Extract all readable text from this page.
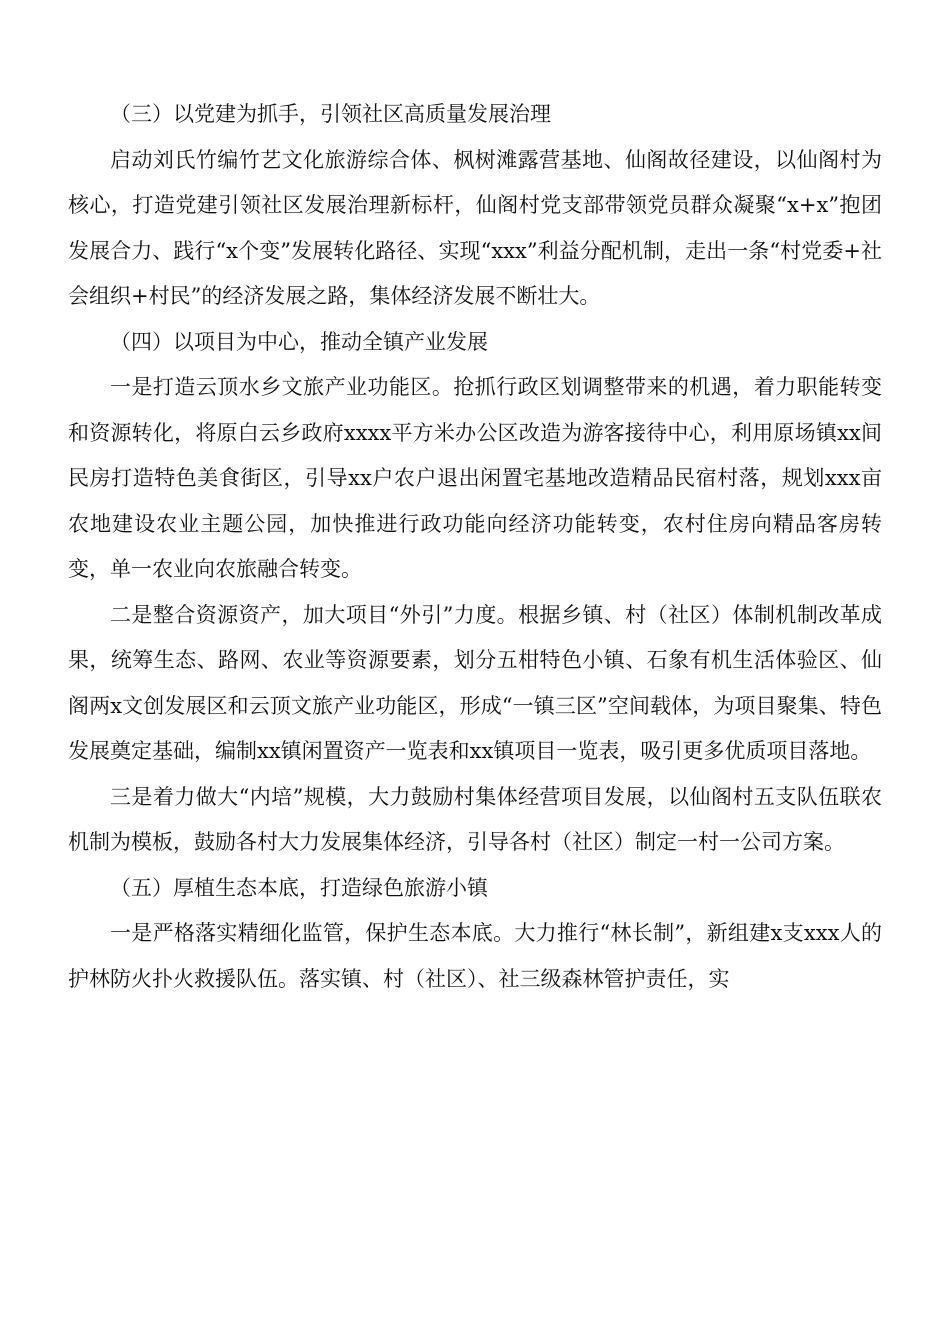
（三）以党建为抓手，引领社区高质量发展治理

启动刘氏竹编竹艺文化旅游综合体、枫树滩露营基地、仙阁故径建设，以仙阁村为核心，打造党建引领社区发展治理新标杆，仙阁村党支部带领党员群众凝聚“x+x”抱团发展合力、践行“x个变”发展转化路径、实现“xxx”利益分配机制，走出一条“村党委+社会组织+村民”的经济发展之路，集体经济发展不断壮大。

（四）以项目为中心，推动全镇产业发展

一是打造云顶水乡文旅产业功能区。抢抓行政区划调整带来的机遇，着力职能转变和资源转化，将原白云乡政府xxxx平方米办公区改造为游客接待中心，利用原场镇xx间民房打造特色美食街区，引导xx户农户退出闲置宅基地改造精品民宿村落，规划xxx亩农地建设农业主题公园，加快推进行政功能向经济功能转变，农村住房向精品客房转变，单一农业向农旅融合转变。

二是整合资源资产，加大项目“外引”力度。根据乡镇、村（社区）体制机制改革成果，统筹生态、路网、农业等资源要素，划分五柑特色小镇、石象有机生活体验区、仙阁两x文创发展区和云顶文旅产业功能区，形成“一镇三区”空间载体，为项目聚集、特色发展奠定基础，编制xx镇闲置资产一览表和xx镇项目一览表，吸引更多优质项目落地。

三是着力做大“内培”规模，大力鼓励村集体经营项目发展，以仙阁村五支队伍联农机制为模板，鼓励各村大力发展集体经济，引导各村（社区）制定一村一公司方案。

（五）厚植生态本底，打造绿色旅游小镇

一是严格落实精细化监管，保护生态本底。大力推行“林长制”，新组建x支xxx人的护林防火扑火救援队伍。落实镇、村（社区）、社三级森林管护责任，实
